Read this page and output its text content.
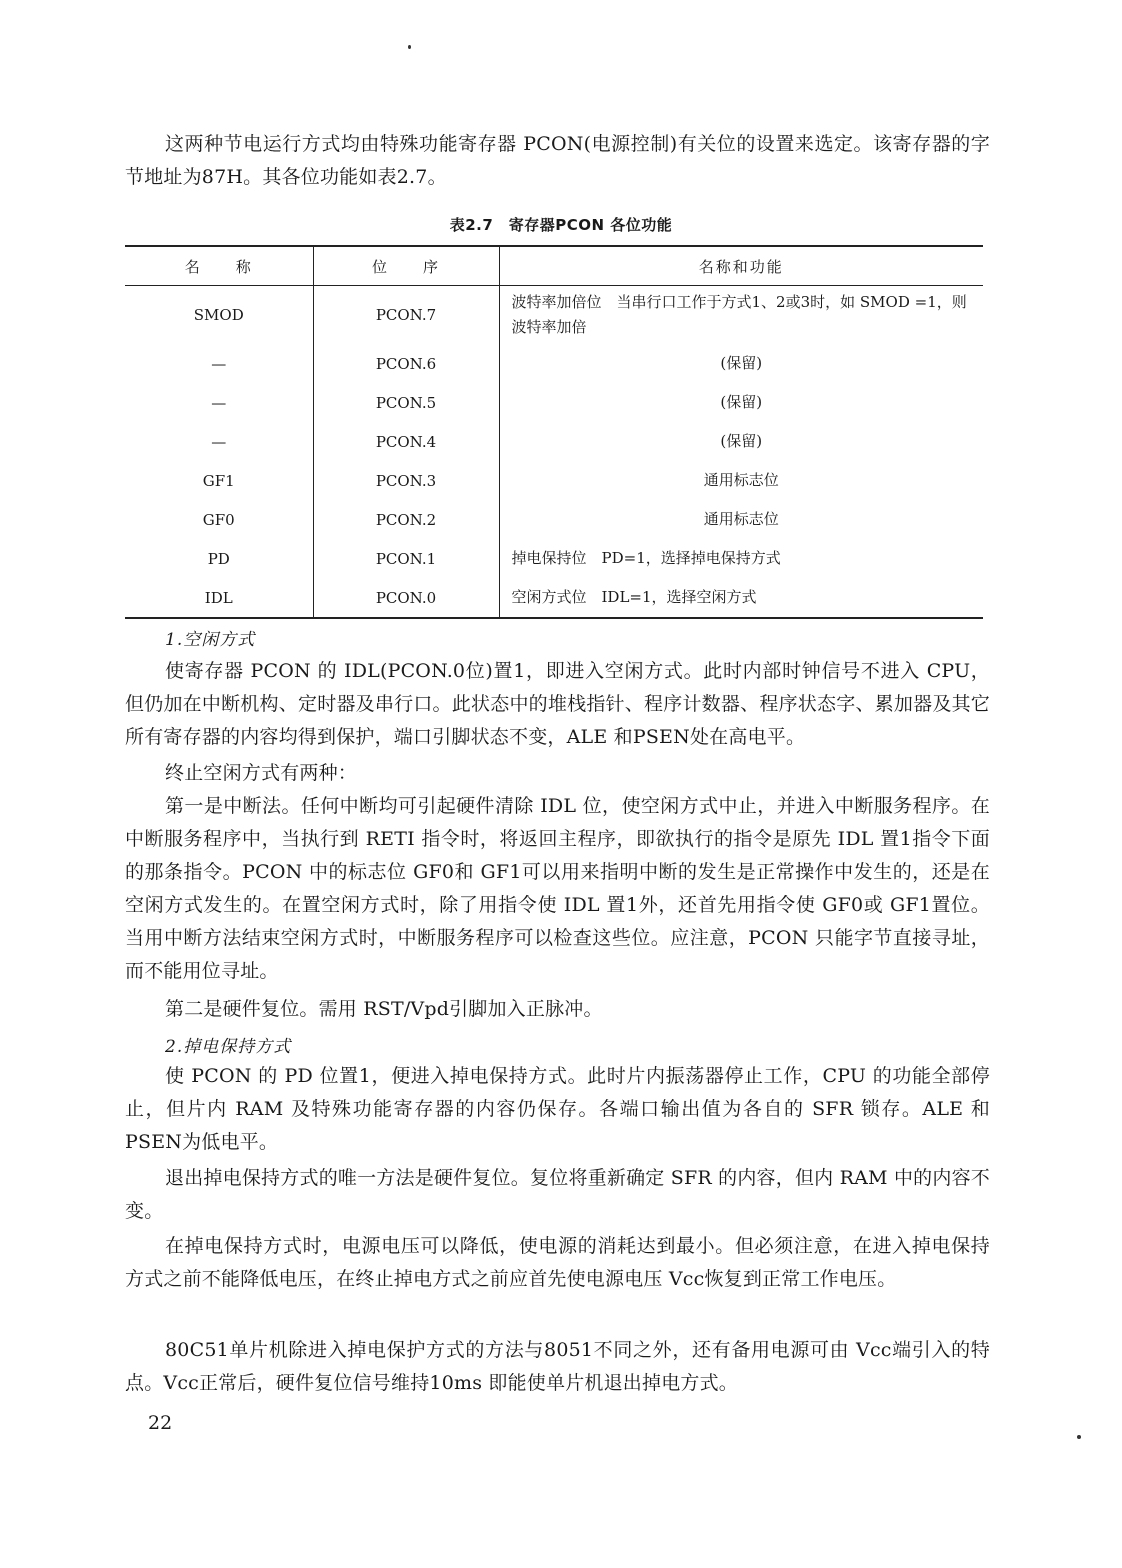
这两种节电运行方式均由特殊功能寄存器 PCON(电源控制)有关位的设置来选定。该寄存器的字节地址为87H。其各位功能如表2.7。

表2.7　寄存器PCON 各位功能
名　　称	位　　序	名称和功能
SMOD	PCON.7	波特率加倍位　当串行口工作于方式1、2或3时，如 SMOD =1，则波特率加倍
—	PCON.6	(保留)
—	PCON.5	(保留)
—	PCON.4	(保留)
GF1	PCON.3	通用标志位
GF0	PCON.2	通用标志位
PD	PCON.1	掉电保持位　PD=1，选择掉电保持方式
IDL	PCON.0	空闲方式位　IDL=1，选择空闲方式
1.空闲方式

使寄存器 PCON 的 IDL(PCON.0位)置1，即进入空闲方式。此时内部时钟信号不进入 CPU，但仍加在中断机构、定时器及串行口。此状态中的堆栈指针、程序计数器、程序状态字、累加器及其它所有寄存器的内容均得到保护，端口引脚状态不变，ALE 和PSEN处在高电平。

终止空闲方式有两种：

第一是中断法。任何中断均可引起硬件清除 IDL 位，使空闲方式中止，并进入中断服务程序。在中断服务程序中，当执行到 RETI 指令时，将返回主程序，即欲执行的指令是原先 IDL 置1指令下面的那条指令。PCON 中的标志位 GF0和 GF1可以用来指明中断的发生是正常操作中发生的，还是在空闲方式发生的。在置空闲方式时，除了用指令使 IDL 置1外，还首先用指令使 GF0或 GF1置位。当用中断方法结束空闲方式时，中断服务程序可以检查这些位。应注意，PCON 只能字节直接寻址，而不能用位寻址。

第二是硬件复位。需用 RST/Vpd引脚加入正脉冲。

2.掉电保持方式

使 PCON 的 PD 位置1，便进入掉电保持方式。此时片内振荡器停止工作，CPU 的功能全部停止，但片内 RAM 及特殊功能寄存器的内容仍保存。各端口输出值为各自的 SFR 锁存。ALE 和PSEN为低电平。

退出掉电保持方式的唯一方法是硬件复位。复位将重新确定 SFR 的内容，但内 RAM 中的内容不变。

在掉电保持方式时，电源电压可以降低，使电源的消耗达到最小。但必须注意，在进入掉电保持方式之前不能降低电压，在终止掉电方式之前应首先使电源电压 Vcc恢复到正常工作电压。

80C51单片机除进入掉电保护方式的方法与8051不同之外，还有备用电源可由 Vcc端引入的特点。Vcc正常后，硬件复位信号维持10ms 即能使单片机退出掉电方式。

22
